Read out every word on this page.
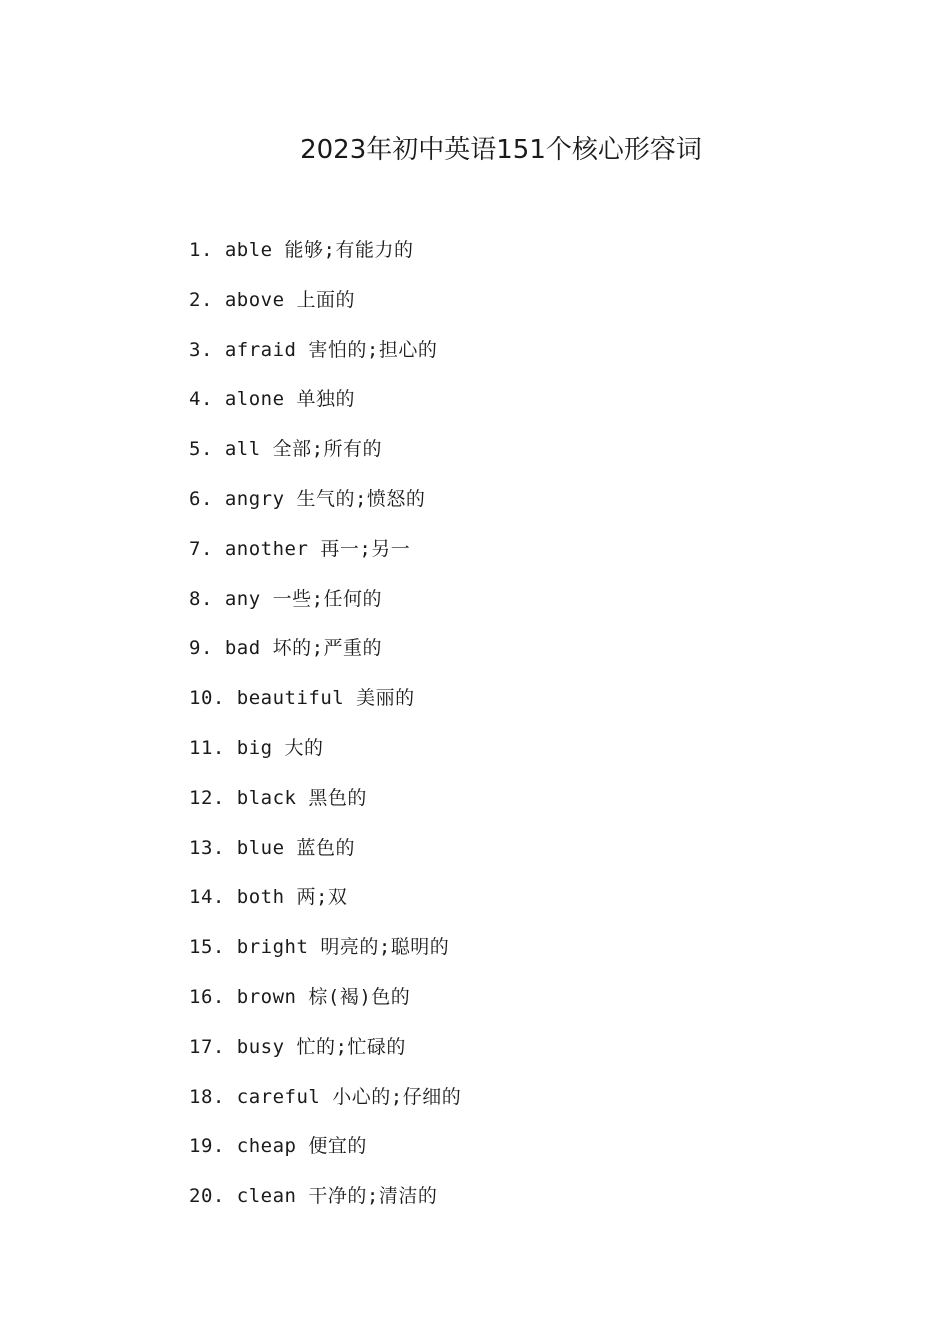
2023年初中英语151个核心形容词
1. able 能够;有能力的
2. above 上面的
3. afraid 害怕的;担心的
4. alone 单独的
5. all 全部;所有的
6. angry 生气的;愤怒的
7. another 再一;另一
8. any 一些;任何的
9. bad 坏的;严重的
10. beautiful 美丽的
11. big 大的
12. black 黑色的
13. blue 蓝色的
14. both 两;双
15. bright 明亮的;聪明的
16. brown 棕(褐)色的
17. busy 忙的;忙碌的
18. careful 小心的;仔细的
19. cheap 便宜的
20. clean 干净的;清洁的
